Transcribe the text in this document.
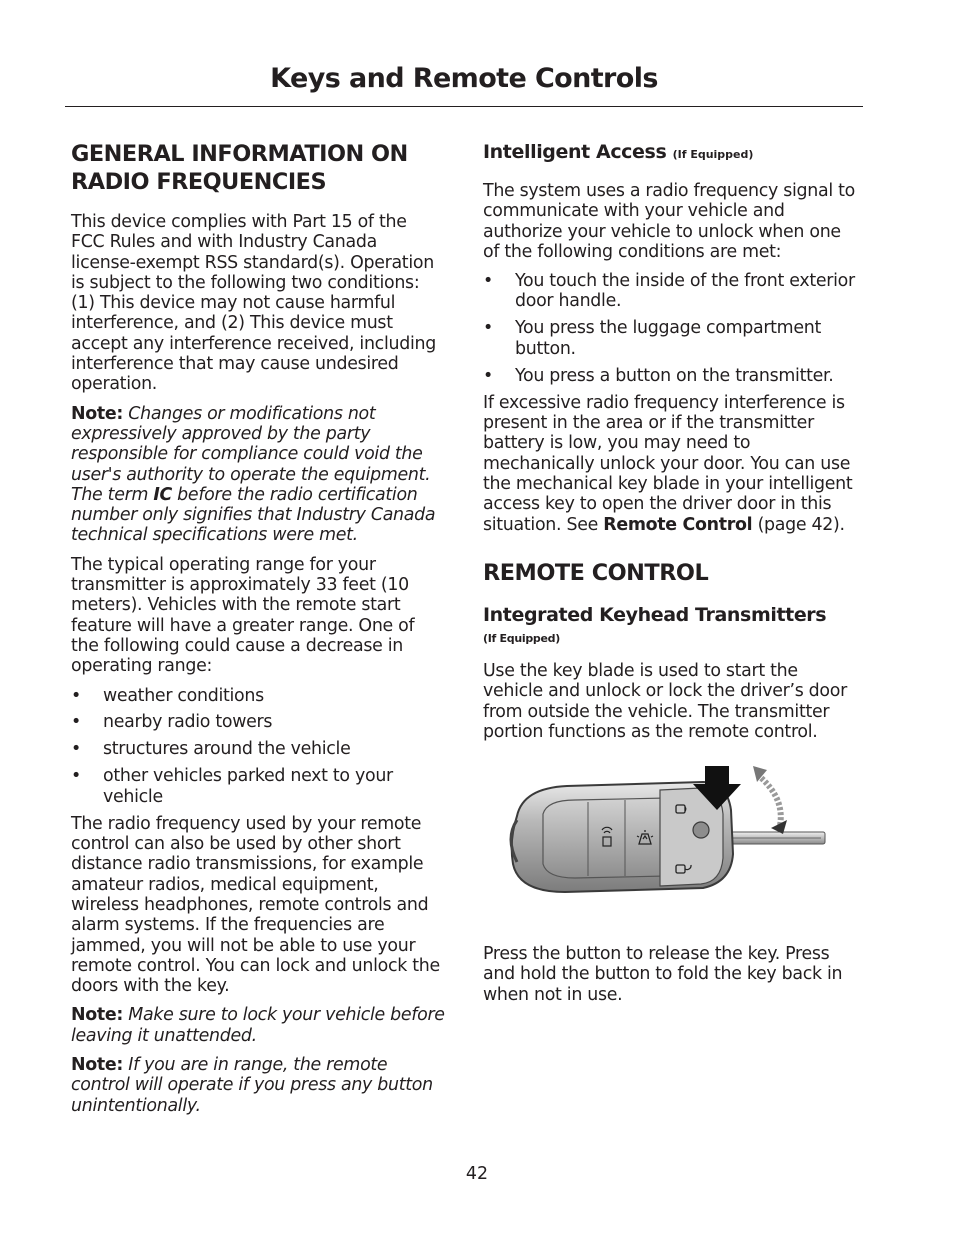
Keys and Remote Controls
GENERAL INFORMATION ON RADIO FREQUENCIES

This device complies with Part 15 of the FCC Rules and with Industry Canada license-exempt RSS standard(s). Operation is subject to the following two conditions: (1) This device may not cause harmful interference, and (2) This device must accept any interference received, including interference that may cause undesired operation.

Note: Changes or modifications not expressively approved by the party responsible for compliance could void the user's authority to operate the equipment. The term IC before the radio certification number only signifies that Industry Canada technical specifications were met.

The typical operating range for your transmitter is approximately 33 feet (10 meters). Vehicles with the remote start feature will have a greater range. One of the following could cause a decrease in operating range:

• weather conditions
• nearby radio towers
• structures around the vehicle
• other vehicles parked next to your vehicle

The radio frequency used by your remote control can also be used by other short distance radio transmissions, for example amateur radios, medical equipment, wireless headphones, remote controls and alarm systems. If the frequencies are jammed, you will not be able to use your remote control. You can lock and unlock the doors with the key.

Note: Make sure to lock your vehicle before leaving it unattended.

Note: If you are in range, the remote control will operate if you press any button unintentionally.

Intelligent Access (If Equipped)

The system uses a radio frequency signal to communicate with your vehicle and authorize your vehicle to unlock when one of the following conditions are met:

• You touch the inside of the front exterior door handle.
• You press the luggage compartment button.
• You press a button on the transmitter.

If excessive radio frequency interference is present in the area or if the transmitter battery is low, you may need to mechanically unlock your door. You can use the mechanical key blade in your intelligent access key to open the driver door in this situation. See Remote Control (page 42).

REMOTE CONTROL
Integrated Keyhead Transmitters

(If Equipped)

Use the key blade is used to start the vehicle and unlock or lock the driver’s door from outside the vehicle. The transmitter portion functions as the remote control.

Press the button to release the key. Press and hold the button to fold the key back in when not in use.

42
